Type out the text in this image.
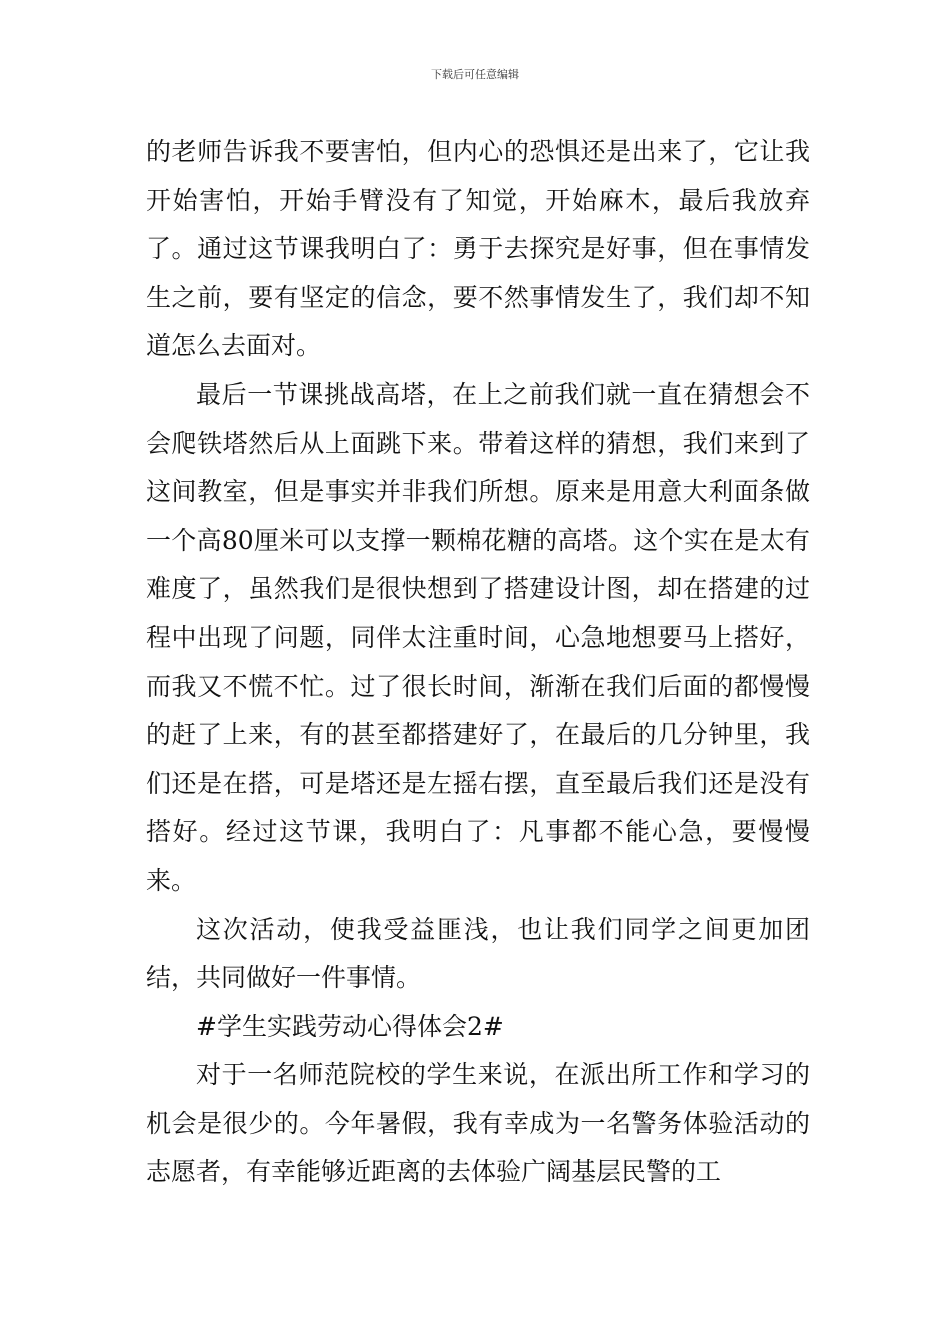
下载后可任意编辑

的老师告诉我不要害怕，但内心的恐惧还是出来了，它让我开始害怕，开始手臂没有了知觉，开始麻木，最后我放弃了。通过这节课我明白了：勇于去探究是好事，但在事情发生之前，要有坚定的信念，要不然事情发生了，我们却不知道怎么去面对。

最后一节课挑战高塔，在上之前我们就一直在猜想会不会爬铁塔然后从上面跳下来。带着这样的猜想，我们来到了这间教室，但是事实并非我们所想。原来是用意大利面条做一个高80厘米可以支撑一颗棉花糖的高塔。这个实在是太有难度了，虽然我们是很快想到了搭建设计图，却在搭建的过程中出现了问题，同伴太注重时间，心急地想要马上搭好，而我又不慌不忙。过了很长时间，渐渐在我们后面的都慢慢的赶了上来，有的甚至都搭建好了，在最后的几分钟里，我们还是在搭，可是塔还是左摇右摆，直至最后我们还是没有搭好。经过这节课，我明白了：凡事都不能心急，要慢慢来。

这次活动，使我受益匪浅，也让我们同学之间更加团结，共同做好一件事情。

#学生实践劳动心得体会2#

对于一名师范院校的学生来说，在派出所工作和学习的机会是很少的。今年暑假，我有幸成为一名警务体验活动的志愿者，有幸能够近距离的去体验广阔基层民警的工
